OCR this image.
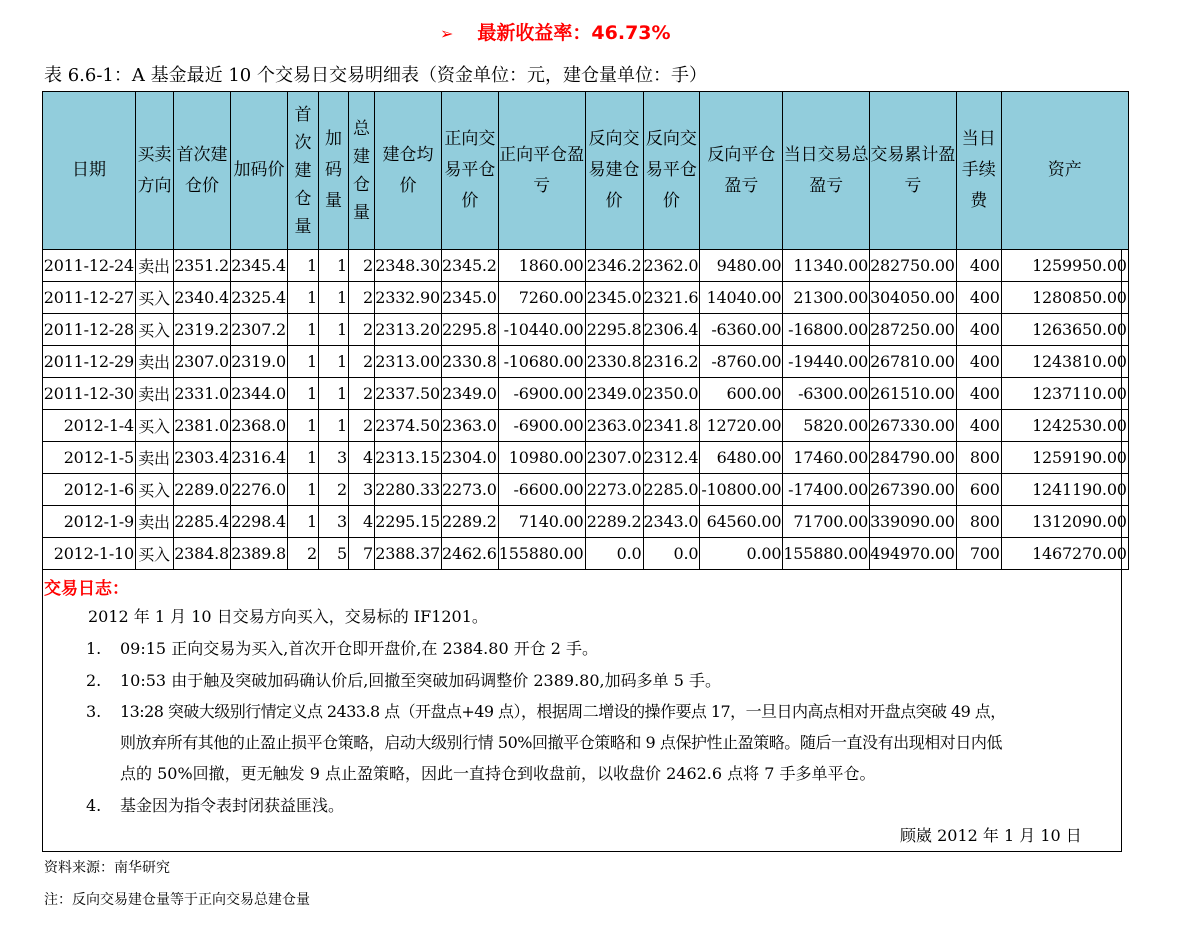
➢ 最新收益率：46.73%
表 6.6-1：A 基金最近 10 个交易日交易明细表（资金单位：元，建仓量单位：手）
日期	买卖方向	首次建仓价	加码价	首次建仓量	加码量	总建仓量	建仓均价	正向交易平仓价	正向平仓盈亏	反向交易建仓价	反向交易平仓价	反向平仓盈亏	当日交易总盈亏	交易累计盈亏	当日手续费	资产
2011-12-24	卖出	2351.2	2345.4	1	1	2	2348.30	2345.2	1860.00	2346.2	2362.0	9480.00	11340.00	282750.00	400	1259950.00
2011-12-27	买入	2340.4	2325.4	1	1	2	2332.90	2345.0	7260.00	2345.0	2321.6	14040.00	21300.00	304050.00	400	1280850.00
2011-12-28	买入	2319.2	2307.2	1	1	2	2313.20	2295.8	-10440.00	2295.8	2306.4	-6360.00	-16800.00	287250.00	400	1263650.00
2011-12-29	卖出	2307.0	2319.0	1	1	2	2313.00	2330.8	-10680.00	2330.8	2316.2	-8760.00	-19440.00	267810.00	400	1243810.00
2011-12-30	卖出	2331.0	2344.0	1	1	2	2337.50	2349.0	-6900.00	2349.0	2350.0	600.00	-6300.00	261510.00	400	1237110.00
2012-1-4	买入	2381.0	2368.0	1	1	2	2374.50	2363.0	-6900.00	2363.0	2341.8	12720.00	5820.00	267330.00	400	1242530.00
2012-1-5	卖出	2303.4	2316.4	1	3	4	2313.15	2304.0	10980.00	2307.0	2312.4	6480.00	17460.00	284790.00	800	1259190.00
2012-1-6	买入	2289.0	2276.0	1	2	3	2280.33	2273.0	-6600.00	2273.0	2285.0	-10800.00	-17400.00	267390.00	600	1241190.00
2012-1-9	卖出	2285.4	2298.4	1	3	4	2295.15	2289.2	7140.00	2289.2	2343.0	64560.00	71700.00	339090.00	800	1312090.00
2012-1-10	买入	2384.8	2389.8	2	5	7	2388.37	2462.6	155880.00	0.0	0.0	0.00	155880.00	494970.00	700	1467270.00
交易日志：
2012 年 1 月 10 日交易方向买入，交易标的 IF1201。
1. 09:15 正向交易为买入,首次开仓即开盘价,在 2384.80 开仓 2 手。
2. 10:53 由于触及突破加码确认价后,回撤至突破加码调整价 2389.80,加码多单 5 手。
3. 13:28 突破大级别行情定义点 2433.8 点（开盘点+49 点），根据周二增设的操作要点 17，一旦日内高点相对开盘点突破 49 点，
则放弃所有其他的止盈止损平仓策略，启动大级别行情 50%回撤平仓策略和 9 点保护性止盈策略。随后一直没有出现相对日内低
点的 50%回撤，更无触发 9 点止盈策略，因此一直持仓到收盘前，以收盘价 2462.6 点将 7 手多单平仓。
4. 基金因为指令表封闭获益匪浅。
顾崴 2012 年 1 月 10 日
资料来源：南华研究
注：反向交易建仓量等于正向交易总建仓量
